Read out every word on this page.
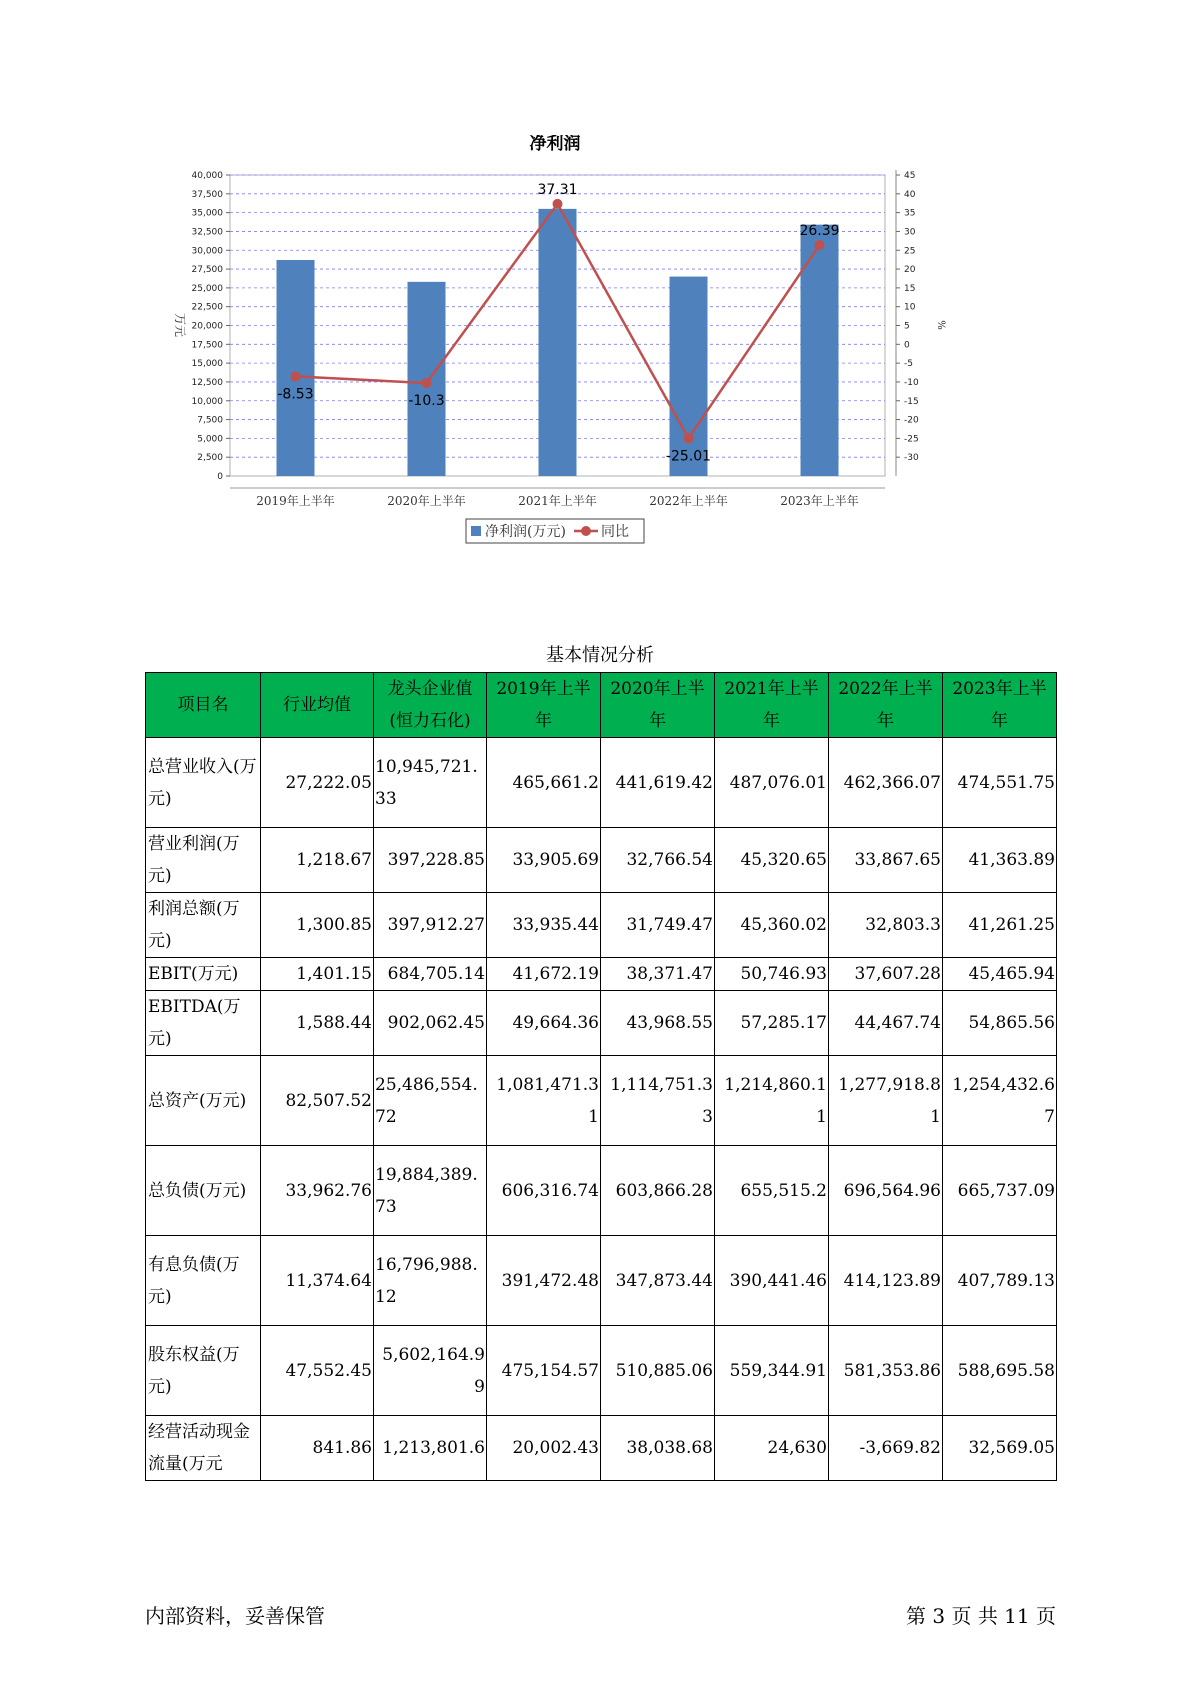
净利润
0
2,500
5,000
7,500
10,000
12,500
15,000
17,500
20,000
22,500
25,000
27,500
30,000
32,500
35,000
37,500
40,000
-30
-25
-20
-15
-10
-5
0
5
10
15
20
25
30
35
40
45
万元	%
2019年上半年	2020年上半年	2021年上半年	2022年上半年	2023年上半年
-8.53	-10.3
37.31
-25.01
26.39
净利润(万元)	同比
基本情况分析
项目名	行业均值	龙头企业值(恒力石化)	2019年上半年	2020年上半年	2021年上半年	2022年上半年	2023年上半年
总营业收入(万元)	27,222.05	10,945,721.33	465,661.2	441,619.42	487,076.01	462,366.07	474,551.75
营业利润(万元)	1,218.67	397,228.85	33,905.69	32,766.54	45,320.65	33,867.65	41,363.89
利润总额(万元)	1,300.85	397,912.27	33,935.44	31,749.47	45,360.02	32,803.3	41,261.25
EBIT(万元)	1,401.15	684,705.14	41,672.19	38,371.47	50,746.93	37,607.28	45,465.94
EBITDA(万元)	1,588.44	902,062.45	49,664.36	43,968.55	57,285.17	44,467.74	54,865.56
总资产(万元)	82,507.52	25,486,554.72	1,081,471.31	1,114,751.33	1,214,860.11	1,277,918.81	1,254,432.67
总负债(万元)	33,962.76	19,884,389.73	606,316.74	603,866.28	655,515.2	696,564.96	665,737.09
有息负债(万元)	11,374.64	16,796,988.12	391,472.48	347,873.44	390,441.46	414,123.89	407,789.13
股东权益(万元)	47,552.45	5,602,164.99	475,154.57	510,885.06	559,344.91	581,353.86	588,695.58
经营活动现金流量(万元	841.86	1,213,801.6	20,002.43	38,038.68	24,630	-3,669.82	32,569.05
内部资料，妥善保管	第 3 页 共 11 页
